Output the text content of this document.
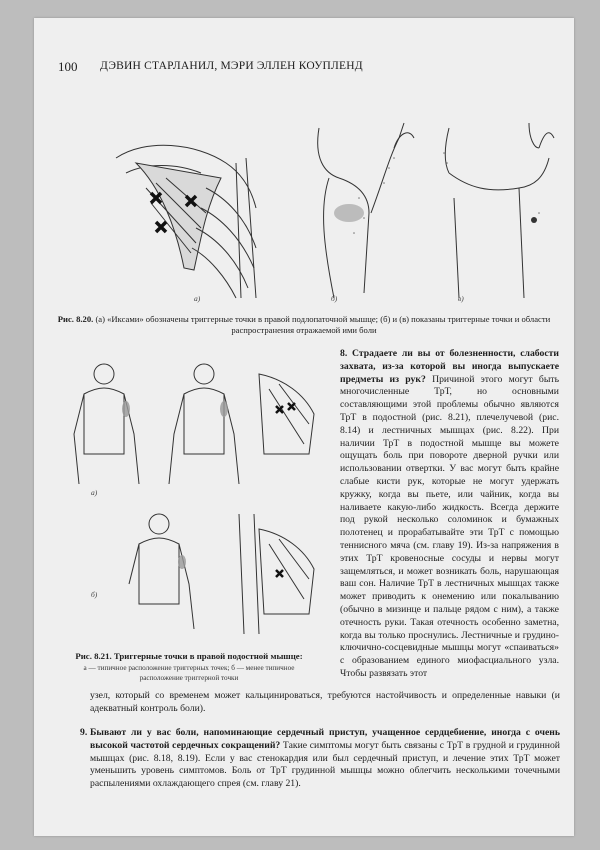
100 ДЭВИН СТАРЛАНИЛ, МЭРИ ЭЛЛЕН КОУПЛЕНД
а)	б)	в)
Рис. 8.20. (а) «Иксами» обозначены триггерные точки в правой подлопаточной мышце; (б) и (в) показаны триггерные точки и области распространения отражаемой ими боли
а)
б)
Рис. 8.21. Триггерные точки в правой подостной мышце:
а — типичное расположение триггерных точек; б — менее типичное расположение триггерной точки
8. Страдаете ли вы от болезненности, слабости захвата, из-за которой вы иногда выпускаете предметы из рук? Причиной этого могут быть многочисленные ТрТ, но основными составляющими этой проблемы обычно являются ТрТ в подостной (рис. 8.21), плечелучевой (рис. 8.14) и лестничных мышцах (рис. 8.22). При наличии ТрТ в подостной мышце вы можете ощущать боль при повороте дверной ручки или использовании отвертки. У вас могут быть крайне слабые кисти рук, которые не могут удержать кружку, когда вы пьете, или чайник, когда вы наливаете какую-либо жидкость. Всегда держите под рукой несколько соломинок и бумажных полотенец и прорабатывайте эти ТрТ с помощью теннисного мяча (см. главу 19). Из-за напряжения в этих ТрТ кровеносные сосуды и нервы могут защемляться, и может возникать боль, нарушающая ваш сон. Наличие ТрТ в лестничных мышцах также может приводить к онемению или покалыванию (обычно в мизинце и пальце рядом с ним), а также отечность руки. Такая отечность особенно заметна, когда вы только проснулись. Лестничные и грудино-ключично-сосцевидные мышцы могут «спаиваться» с образованием единого миофасциального узла. Чтобы развязать этот
узел, который со временем может кальцинироваться, требуются настойчивость и определенные навыки (и адекватный контроль боли).
9. Бывают ли у вас боли, напоминающие сердечный приступ, учащенное сердцебиение, иногда с очень высокой частотой сердечных сокращений? Такие симптомы могут быть связаны с ТрТ в грудной и грудинной мышцах (рис. 8.18, 8.19). Если у вас стенокардия или был сердечный приступ, и лечение этих ТрТ может уменьшить уровень симптомов. Боль от ТрТ грудинной мышцы можно облегчить несколькими точечными распылениями охлаждающего спрея (см. главу 21).
